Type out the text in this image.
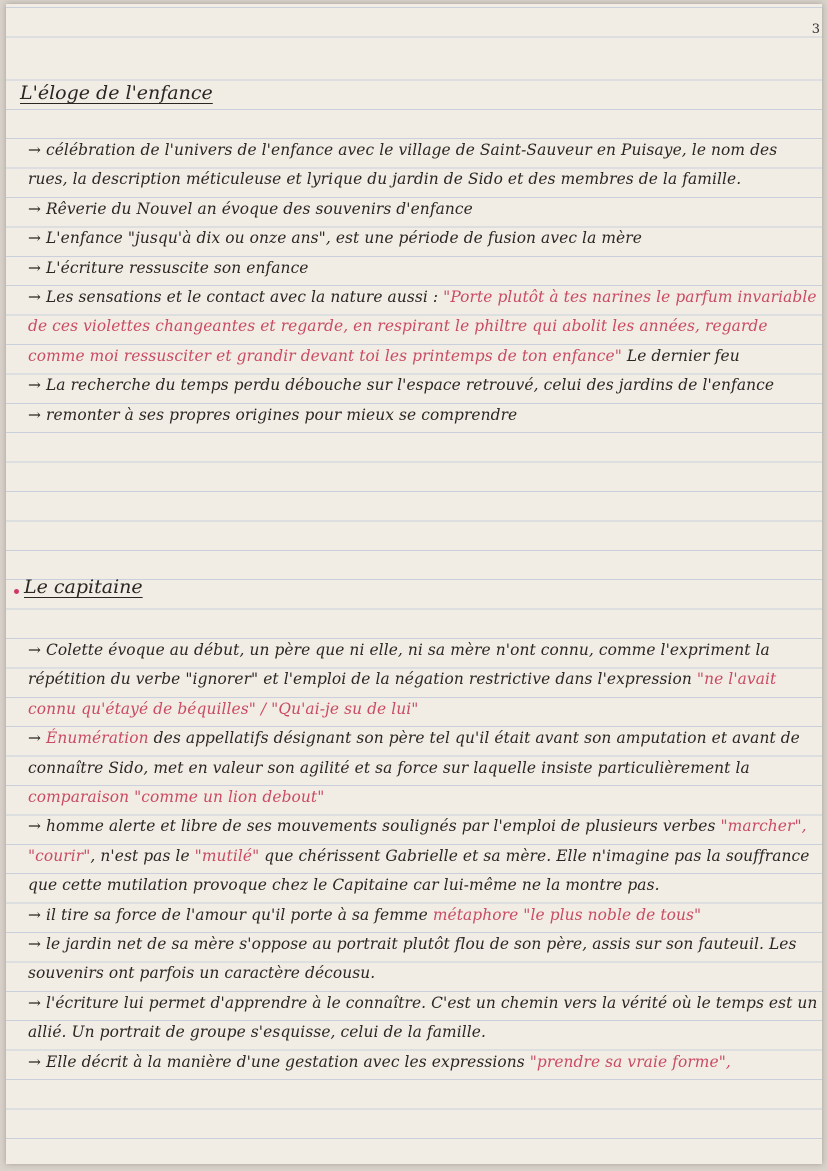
3
L'éloge de l'enfance

→ célébration de l'univers de l'enfance avec le village de Saint-Sauveur en Puisaye, le nom des rues, la description méticuleuse et lyrique du jardin de Sido et des membres de la famille.

→ Rêverie du Nouvel an évoque des souvenirs d'enfance

→ L'enfance "jusqu'à dix ou onze ans", est une période de fusion avec la mère

→ L'écriture ressuscite son enfance

→ Les sensations et le contact avec la nature aussi : "Porte plutôt à tes narines le parfum invariable de ces violettes changeantes et regarde, en respirant le philtre qui abolit les années, regarde comme moi ressusciter et grandir devant toi les printemps de ton enfance" Le dernier feu

→ La recherche du temps perdu débouche sur l'espace retrouvé, celui des jardins de l'enfance

→ remonter à ses propres origines pour mieux se comprendre

Le capitaine

→ Colette évoque au début, un père que ni elle, ni sa mère n'ont connu, comme l'expriment la répétition du verbe "ignorer" et l'emploi de la négation restrictive dans l'expression "ne l'avait connu qu'étayé de béquilles" / "Qu'ai-je su de lui"

→ Énumération des appellatifs désignant son père tel qu'il était avant son amputation et avant de connaître Sido, met en valeur son agilité et sa force sur laquelle insiste particulièrement la comparaison "comme un lion debout"

→ homme alerte et libre de ses mouvements soulignés par l'emploi de plusieurs verbes "marcher", "courir", n'est pas le "mutilé" que chérissent Gabrielle et sa mère. Elle n'imagine pas la souffrance que cette mutilation provoque chez le Capitaine car lui-même ne la montre pas.

→ il tire sa force de l'amour qu'il porte à sa femme métaphore "le plus noble de tous"

→ le jardin net de sa mère s'oppose au portrait plutôt flou de son père, assis sur son fauteuil. Les souvenirs ont parfois un caractère décousu.

→ l'écriture lui permet d'apprendre à le connaître. C'est un chemin vers la vérité où le temps est un allié. Un portrait de groupe s'esquisse, celui de la famille.

→ Elle décrit à la manière d'une gestation avec les expressions "prendre sa vraie forme",
